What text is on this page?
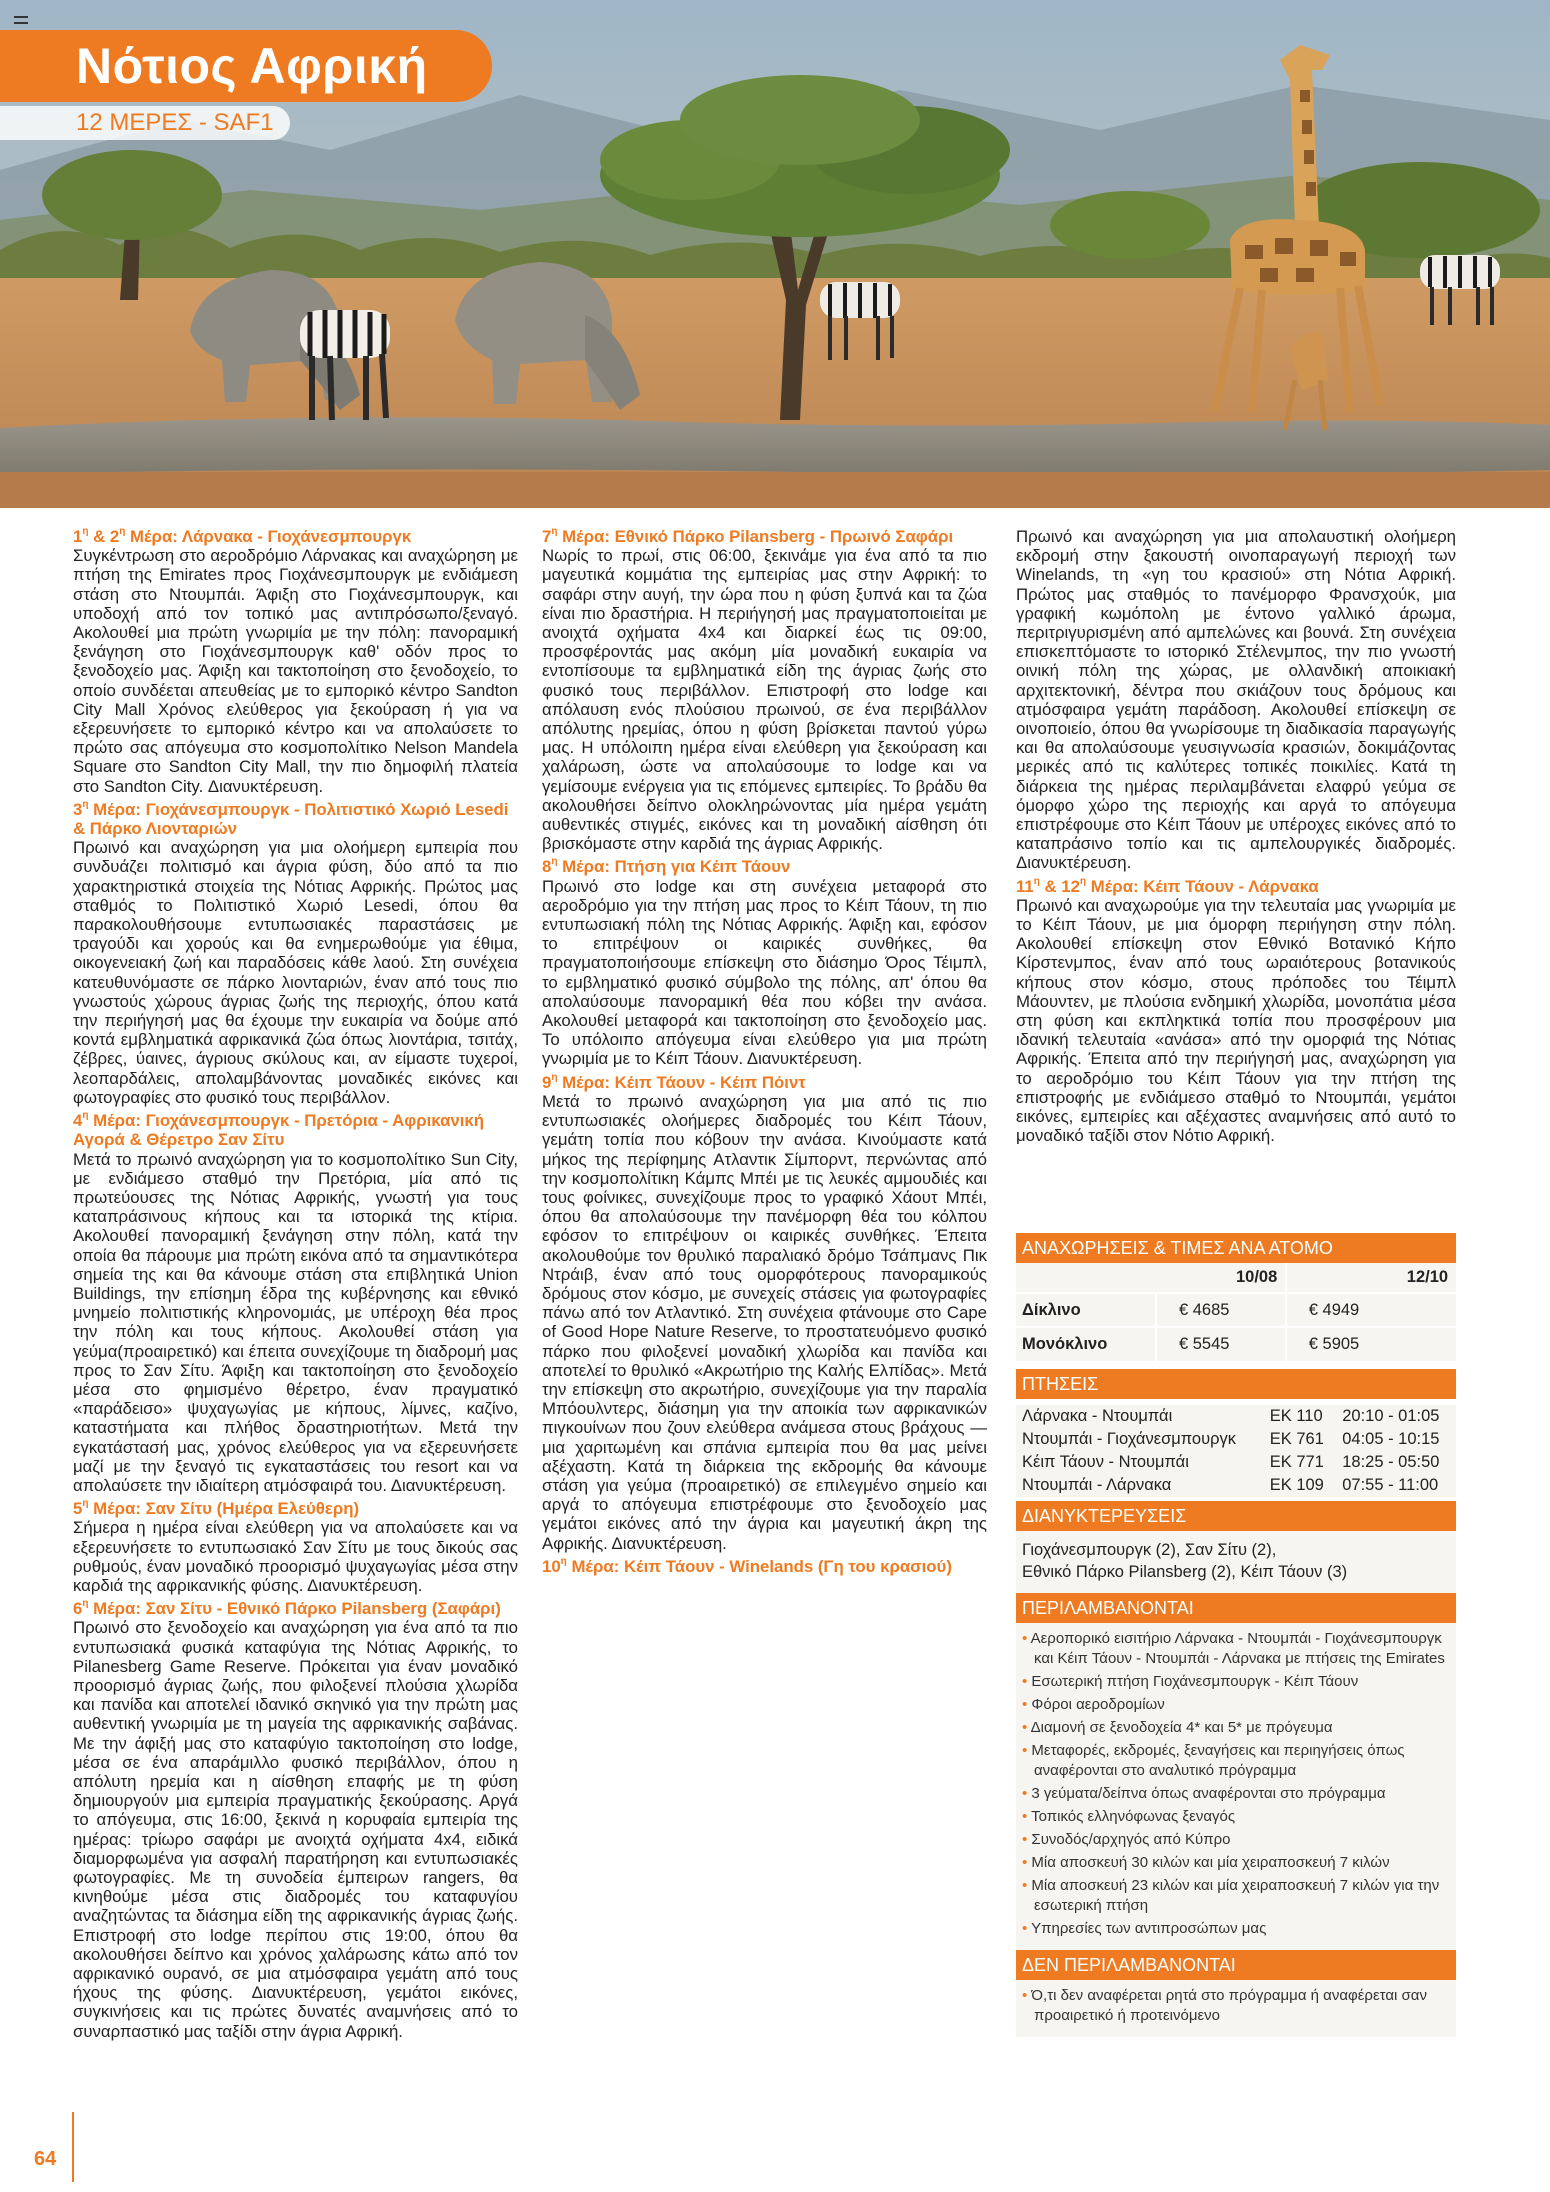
Νότιος Αφρική
12 ΜΕΡΕΣ - SAF1
$1^\eta$ & $2^\eta$ Μέρα: Λάρνακα - Γιοχάνεσμπουργκ

Συγκέντρωση στο αεροδρόμιο Λάρνακας και αναχώρηση με πτήση της Emirates προς Γιοχάνεσμπουργκ με ενδιάμεση στάση στο Ντουμπάι. Άφιξη στο Γιοχάνεσμπουργκ, και υποδοχή από τον τοπικό μας αντιπρόσωπο/ξεναγό. Ακολουθεί μια πρώτη γνωριμία με την πόλη: πανοραμική ξενάγηση στο Γιοχάνεσμπουργκ καθ' οδόν προς το ξενοδοχείο μας. Άφιξη και τακτοποίηση στο ξενοδοχείο, το οποίο συνδέεται απευθείας με το εμπορικό κέντρο Sandton City Mall Χρόνος ελεύθερος για ξεκούραση ή για να εξερευνήσετε το εμπορικό κέντρο και να απολαύσετε το πρώτο σας απόγευμα στο κοσμοπολίτικο Nelson Mandela Square στο Sandton City Mall, την πιο δημοφιλή πλατεία στο Sandton City. Διανυκτέρευση.

$3^\eta$ Μέρα: Γιοχάνεσμπουργκ - Πολιτιστικό Χωριό Lesedi & Πάρκο Λιονταριών

Πρωινό και αναχώρηση για μια ολοήμερη εμπειρία που συνδυάζει πολιτισμό και άγρια φύση, δύο από τα πιο χαρακτηριστικά στοιχεία της Νότιας Αφρικής. Πρώτος μας σταθμός το Πολιτιστικό Χωριό Lesedi, όπου θα παρακολουθήσουμε εντυπωσιακές παραστάσεις με τραγούδι και χορούς και θα ενημερωθούμε για έθιμα, οικογενειακή ζωή και παραδόσεις κάθε λαού. Στη συνέχεια κατευθυνόμαστε σε πάρκο λιονταριών, έναν από τους πιο γνωστούς χώρους άγριας ζωής της περιοχής, όπου κατά την περιήγησή μας θα έχουμε την ευκαιρία να δούμε από κοντά εμβληματικά αφρικανικά ζώα όπως λιοντάρια, τσιτάχ, ζέβρες, ύαινες, άγριους σκύλους και, αν είμαστε τυχεροί, λεοπαρδάλεις, απολαμβάνοντας μοναδικές εικόνες και φωτογραφίες στο φυσικό τους περιβάλλον.

$4^\eta$ Μέρα: Γιοχάνεσμπουργκ - Πρετόρια - Αφρικανική Αγορά & Θέρετρο Σαν Σίτυ

Μετά το πρωινό αναχώρηση για το κοσμοπολίτικο Sun City, με ενδιάμεσο σταθμό την Πρετόρια, μία από τις πρωτεύουσες της Νότιας Αφρικής, γνωστή για τους καταπράσινους κήπους και τα ιστορικά της κτίρια. Ακολουθεί πανοραμική ξενάγηση στην πόλη, κατά την οποία θα πάρουμε μια πρώτη εικόνα από τα σημαντικότερα σημεία της και θα κάνουμε στάση στα επιβλητικά Union Buildings, την επίσημη έδρα της κυβέρνησης και εθνικό μνημείο πολιτιστικής κληρονομιάς, με υπέροχη θέα προς την πόλη και τους κήπους. Ακολουθεί στάση για γεύμα(προαιρετικό) και έπειτα συνεχίζουμε τη διαδρομή μας προς το Σαν Σίτυ. Άφιξη και τακτοποίηση στο ξενοδοχείο μέσα στο φημισμένο θέρετρο, έναν πραγματικό «παράδεισο» ψυχαγωγίας με κήπους, λίμνες, καζίνο, καταστήματα και πλήθος δραστηριοτήτων. Μετά την εγκατάστασή μας, χρόνος ελεύθερος για να εξερευνήσετε μαζί με την ξεναγό τις εγκαταστάσεις του resort και να απολαύσετε την ιδιαίτερη ατμόσφαιρά του. Διανυκτέρευση.

$5^\eta$ Μέρα: Σαν Σίτυ (Ημέρα Ελεύθερη)

Σήμερα η ημέρα είναι ελεύθερη για να απολαύσετε και να εξερευνήσετε το εντυπωσιακό Σαν Σίτυ με τους δικούς σας ρυθμούς, έναν μοναδικό προορισμό ψυχαγωγίας μέσα στην καρδιά της αφρικανικής φύσης. Διανυκτέρευση.

$6^\eta$ Μέρα: Σαν Σίτυ - Εθνικό Πάρκο Pilansberg (Σαφάρι)

Πρωινό στο ξενοδοχείο και αναχώρηση για ένα από τα πιο εντυπωσιακά φυσικά καταφύγια της Νότιας Αφρικής, το Pilanesberg Game Reserve. Πρόκειται για έναν μοναδικό προορισμό άγριας ζωής, που φιλοξενεί πλούσια χλωρίδα και πανίδα και αποτελεί ιδανικό σκηνικό για την πρώτη μας αυθεντική γνωριμία με τη μαγεία της αφρικανικής σαβάνας. Με την άφιξή μας στο καταφύγιο τακτοποίηση στο lodge, μέσα σε ένα απαράμιλλο φυσικό περιβάλλον, όπου η απόλυτη ηρεμία και η αίσθηση επαφής με τη φύση δημιουργούν μια εμπειρία πραγματικής ξεκούρασης. Αργά το απόγευμα, στις 16:00, ξεκινά η κορυφαία εμπειρία της ημέρας: τρίωρο σαφάρι με ανοιχτά οχήματα 4x4, ειδικά διαμορφωμένα για ασφαλή παρατήρηση και εντυπωσιακές φωτογραφίες. Με τη συνοδεία έμπειρων rangers, θα κινηθούμε μέσα στις διαδρομές του καταφυγίου αναζητώντας τα διάσημα είδη της αφρικανικής άγριας ζωής. Επιστροφή στο lodge περίπου στις 19:00, όπου θα ακολουθήσει δείπνο και χρόνος χαλάρωσης κάτω από τον αφρικανικό ουρανό, σε μια ατμόσφαιρα γεμάτη από τους ήχους της φύσης. Διανυκτέρευση, γεμάτοι εικόνες, συγκινήσεις και τις πρώτες δυνατές αναμνήσεις από το συναρπαστικό μας ταξίδι στην άγρια Αφρική.

$7^\eta$ Μέρα: Εθνικό Πάρκο Pilansberg - Πρωινό Σαφάρι

Νωρίς το πρωί, στις 06:00, ξεκινάμε για ένα από τα πιο μαγευτικά κομμάτια της εμπειρίας μας στην Αφρική: το σαφάρι στην αυγή, την ώρα που η φύση ξυπνά και τα ζώα είναι πιο δραστήρια. Η περιήγησή μας πραγματοποιείται με ανοιχτά οχήματα 4x4 και διαρκεί έως τις 09:00, προσφέροντάς μας ακόμη μία μοναδική ευκαιρία να εντοπίσουμε τα εμβληματικά είδη της άγριας ζωής στο φυσικό τους περιβάλλον. Επιστροφή στο lodge και απόλαυση ενός πλούσιου πρωινού, σε ένα περιβάλλον απόλυτης ηρεμίας, όπου η φύση βρίσκεται παντού γύρω μας. Η υπόλοιπη ημέρα είναι ελεύθερη για ξεκούραση και χαλάρωση, ώστε να απολαύσουμε το lodge και να γεμίσουμε ενέργεια για τις επόμενες εμπειρίες. Το βράδυ θα ακολουθήσει δείπνο ολοκληρώνοντας μία ημέρα γεμάτη αυθεντικές στιγμές, εικόνες και τη μοναδική αίσθηση ότι βρισκόμαστε στην καρδιά της άγριας Αφρικής.

$8^\eta$ Μέρα: Πτήση για Κέιπ Τάουν

Πρωινό στο lodge και στη συνέχεια μεταφορά στο αεροδρόμιο για την πτήση μας προς το Κέιπ Τάουν, τη πιο εντυπωσιακή πόλη της Νότιας Αφρικής. Άφιξη και, εφόσον το επιτρέψουν οι καιρικές συνθήκες, θα πραγματοποιήσουμε επίσκεψη στο διάσημο Όρος Τέιμπλ, το εμβληματικό φυσικό σύμβολο της πόλης, απ' όπου θα απολαύσουμε πανοραμική θέα που κόβει την ανάσα. Ακολουθεί μεταφορά και τακτοποίηση στο ξενοδοχείο μας. Το υπόλοιπο απόγευμα είναι ελεύθερο για μια πρώτη γνωριμία με το Κέιπ Τάουν. Διανυκτέρευση.

$9^\eta$ Μέρα: Κέιπ Τάουν - Κέιπ Πόιντ

Μετά το πρωινό αναχώρηση για μια από τις πιο εντυπωσιακές ολοήμερες διαδρομές του Κέιπ Τάουν, γεμάτη τοπία που κόβουν την ανάσα. Κινούμαστε κατά μήκος της περίφημης Ατλαντικ Σίμπορντ, περνώντας από την κοσμοπολίτικη Κάμπς Μπέι με τις λευκές αμμουδιές και τους φοίνικες, συνεχίζουμε προς το γραφικό Χάουτ Μπέι, όπου θα απολαύσουμε την πανέμορφη θέα του κόλπου εφόσον το επιτρέψουν οι καιρικές συνθήκες. Έπειτα ακολουθούμε τον θρυλικό παραλιακό δρόμο Τσάπμανς Πικ Ντράιβ, έναν από τους ομορφότερους πανοραμικούς δρόμους στον κόσμο, με συνεχείς στάσεις για φωτογραφίες πάνω από τον Ατλαντικό. Στη συνέχεια φτάνουμε στο Cape of Good Hope Nature Reserve, το προστατευόμενο φυσικό πάρκο που φιλοξενεί μοναδική χλωρίδα και πανίδα και αποτελεί το θρυλικό «Ακρωτήριο της Καλής Ελπίδας». Μετά την επίσκεψη στο ακρωτήριο, συνεχίζουμε για την παραλία Μπόουλντερς, διάσημη για την αποικία των αφρικανικών πιγκουίνων που ζουν ελεύθερα ανάμεσα στους βράχους — μια χαριτωμένη και σπάνια εμπειρία που θα μας μείνει αξέχαστη. Κατά τη διάρκεια της εκδρομής θα κάνουμε στάση για γεύμα (προαιρετικό) σε επιλεγμένο σημείο και αργά το απόγευμα επιστρέφουμε στο ξενοδοχείο μας γεμάτοι εικόνες από την άγρια και μαγευτική άκρη της Αφρικής. Διανυκτέρευση.

$10^\eta$ Μέρα: Κέιπ Τάουν - Winelands (Γη του κρασιού)

Πρωινό και αναχώρηση για μια απολαυστική ολοήμερη εκδρομή στην ξακουστή οινοπαραγωγή περιοχή των Winelands, τη «γη του κρασιού» στη Νότια Αφρική. Πρώτος μας σταθμός το πανέμορφο Φρανσχούκ, μια γραφική κωμόπολη με έντονο γαλλικό άρωμα, περιτριγυρισμένη από αμπελώνες και βουνά. Στη συνέχεια επισκεπτόμαστε το ιστορικό Στέλενμπος, την πιο γνωστή οινική πόλη της χώρας, με ολλανδική αποικιακή αρχιτεκτονική, δέντρα που σκιάζουν τους δρόμους και ατμόσφαιρα γεμάτη παράδοση. Ακολουθεί επίσκεψη σε οινοποιείο, όπου θα γνωρίσουμε τη διαδικασία παραγωγής και θα απολαύσουμε γευσιγνωσία κρασιών, δοκιμάζοντας μερικές από τις καλύτερες τοπικές ποικιλίες. Κατά τη διάρκεια της ημέρας περιλαμβάνεται ελαφρύ γεύμα σε όμορφο χώρο της περιοχής και αργά το απόγευμα επιστρέφουμε στο Κέιπ Τάουν με υπέροχες εικόνες από το καταπράσινο τοπίο και τις αμπελουργικές διαδρομές. Διανυκτέρευση.

$11^\eta$ & $12^\eta$ Μέρα: Κέιπ Τάουν - Λάρνακα

Πρωινό και αναχωρούμε για την τελευταία μας γνωριμία με το Κέιπ Τάουν, με μια όμορφη περιήγηση στην πόλη. Ακολουθεί επίσκεψη στον Εθνικό Βοτανικό Κήπο Κίρστενμπος, έναν από τους ωραιότερους βοτανικούς κήπους στον κόσμο, στους πρόποδες του Τέιμπλ Μάουντεν, με πλούσια ενδημική χλωρίδα, μονοπάτια μέσα στη φύση και εκπληκτικά τοπία που προσφέρουν μια ιδανική τελευταία «ανάσα» από την ομορφιά της Νότιας Αφρικής. Έπειτα από την περιήγησή μας, αναχώρηση για το αεροδρόμιο του Κέιπ Τάουν για την πτήση της επιστροφής με ενδιάμεσο σταθμό το Ντουμπάι, γεμάτοι εικόνες, εμπειρίες και αξέχαστες αναμνήσεις από αυτό το μοναδικό ταξίδι στον Νότιο Αφρική.

ΑΝΑΧΩΡΗΣΕΙΣ & ΤΙΜΕΣ ΑΝΑ ΑΤΟΜΟ
	10/08	12/10
Δίκλινο	€ 4685	€ 4949
Μονόκλινο	€ 5545	€ 5905
ΠΤΗΣΕΙΣ
Λάρνακα - Ντουμπάι	EK 110	20:10 - 01:05
Ντουμπάι - Γιοχάνεσμπουργκ	EK 761	04:05 - 10:15
Κέιπ Τάουν - Ντουμπάι	EK 771	18:25 - 05:50
Ντουμπάι - Λάρνακα	EK 109	07:55 - 11:00
ΔΙΑΝΥΚΤΕΡΕΥΣΕΙΣ
Γιοχάνεσμπουργκ (2), Σαν Σίτυ (2),
Εθνικό Πάρκο Pilansberg (2), Κέιπ Τάουν (3)
ΠΕΡΙΛΑΜΒΑΝΟΝΤΑΙ
• Αεροπορικό εισιτήριο Λάρνακα - Ντουμπάι - Γιοχάνεσμπουργκ και Κέιπ Τάουν - Ντουμπάι - Λάρνακα με πτήσεις της Emirates
• Εσωτερική πτήση Γιοχάνεσμπουργκ - Κέιπ Τάουν
• Φόροι αεροδρομίων
• Διαμονή σε ξενοδοχεία 4* και 5* με πρόγευμα
• Μεταφορές, εκδρομές, ξεναγήσεις και περιηγήσεις όπως αναφέρονται στο αναλυτικό πρόγραμμα
• 3 γεύματα/δείπνα όπως αναφέρονται στο πρόγραμμα
• Τοπικός ελληνόφωνας ξεναγός
• Συνοδός/αρχηγός από Κύπρο
• Μία αποσκευή 30 κιλών και μία χειραποσκευή 7 κιλών
• Μία αποσκευή 23 κιλών και μία χειραποσκευή 7 κιλών για την εσωτερική πτήση
• Υπηρεσίες των αντιπροσώπων μας
ΔΕΝ ΠΕΡΙΛΑΜΒΑΝΟΝΤΑΙ
• Ό,τι δεν αναφέρεται ρητά στο πρόγραμμα ή αναφέρεται σαν προαιρετικό ή προτεινόμενο
64
